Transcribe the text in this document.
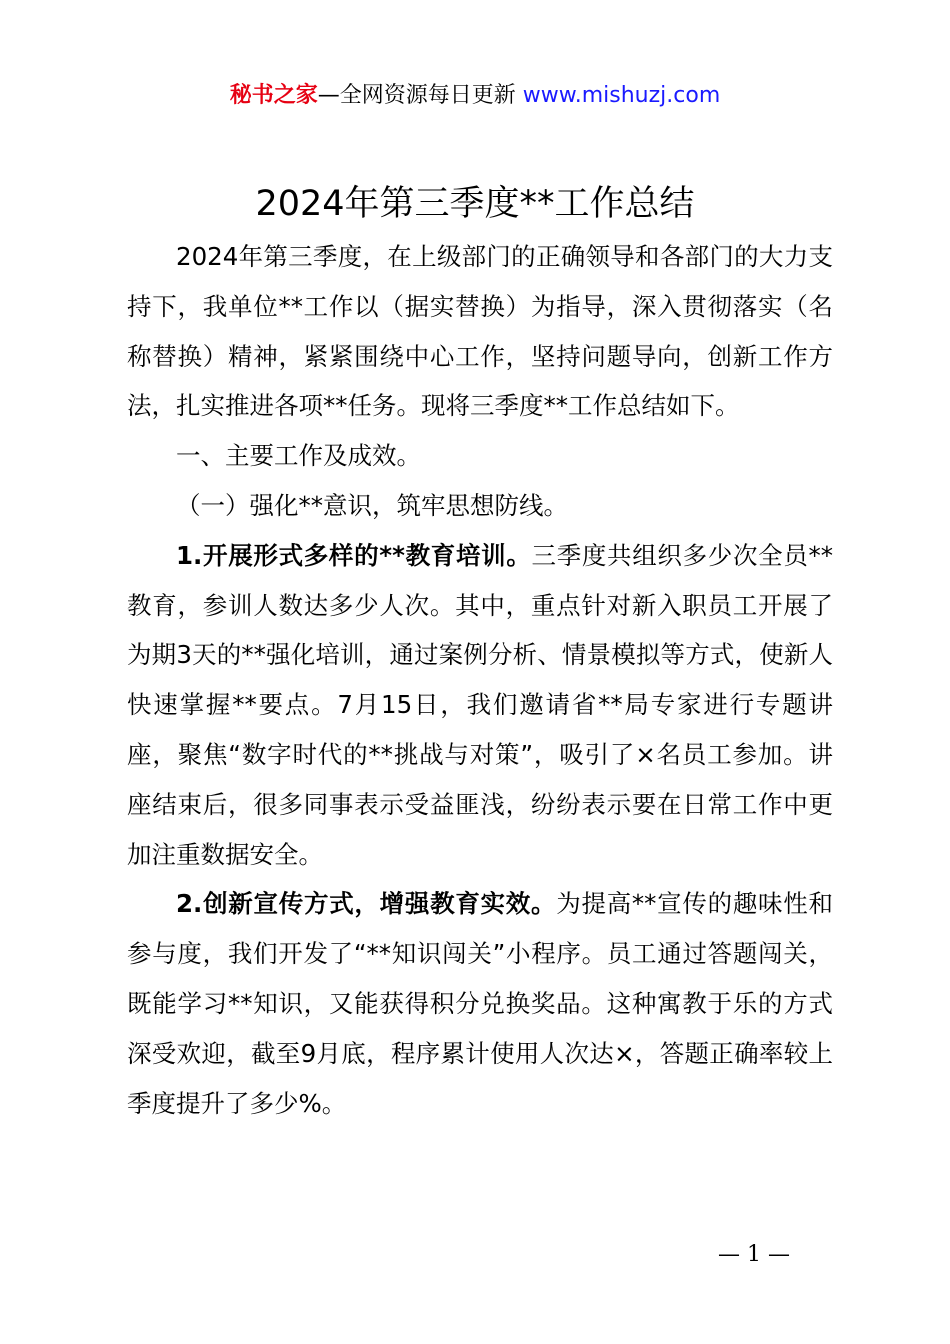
秘书之家—全网资源每日更新 www.mishuzj.com
2024年第三季度**工作总结

2024年第三季度，在上级部门的正确领导和各部门的大力支持下，我单位**工作以（据实替换）为指导，深入贯彻落实（名称替换）精神，紧紧围绕中心工作，坚持问题导向，创新工作方法，扎实推进各项**任务。现将三季度**工作总结如下。

一、主要工作及成效。

（一）强化**意识，筑牢思想防线。

1.开展形式多样的**教育培训。三季度共组织多少次全员**教育，参训人数达多少人次。其中，重点针对新入职员工开展了为期3天的**强化培训，通过案例分析、情景模拟等方式，使新人快速掌握**要点。7月15日，我们邀请省**局专家进行专题讲座，聚焦“数字时代的**挑战与对策”，吸引了×名员工参加。讲座结束后，很多同事表示受益匪浅，纷纷表示要在日常工作中更加注重数据安全。

2.创新宣传方式，增强教育实效。为提高**宣传的趣味性和参与度，我们开发了“**知识闯关”小程序。员工通过答题闯关，既能学习**知识，又能获得积分兑换奖品。这种寓教于乐的方式深受欢迎，截至9月底，程序累计使用人次达×，答题正确率较上季度提升了多少%。

— 1 —
